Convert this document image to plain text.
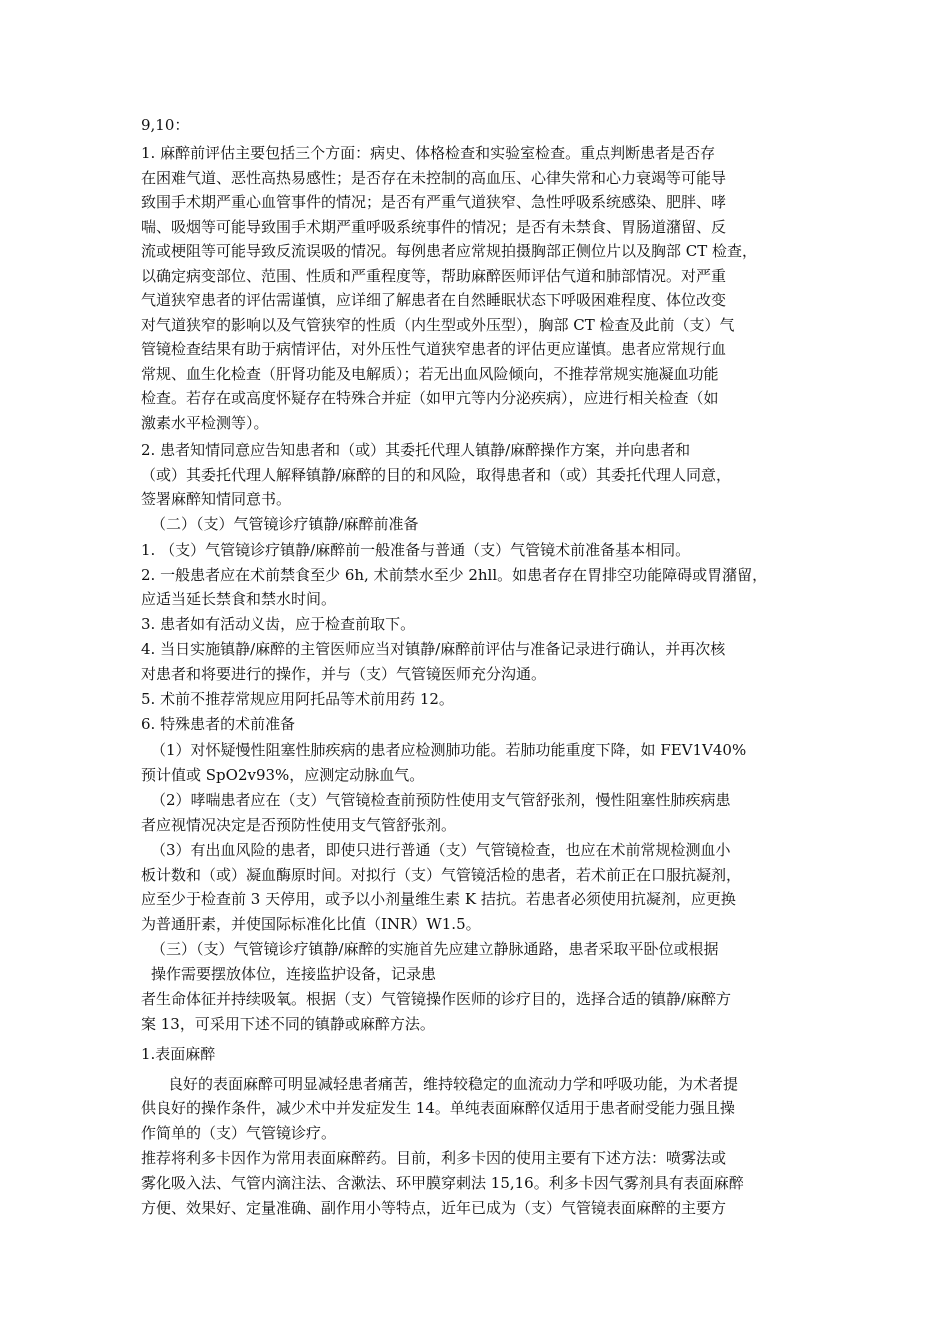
9,10：
1. 麻醉前评估主要包括三个方面：病史、体格检查和实验室检查。重点判断患者是否存
在困难气道、恶性高热易感性；是否存在未控制的高血压、心律失常和心力衰竭等可能导
致围手术期严重心血管事件的情况；是否有严重气道狭窄、急性呼吸系统感染、肥胖、哮
喘、吸烟等可能导致围手术期严重呼吸系统事件的情况；是否有未禁食、胃肠道潴留、反
流或梗阻等可能导致反流误吸的情况。每例患者应常规拍摄胸部正侧位片以及胸部 CT 检查，
以确定病变部位、范围、性质和严重程度等，帮助麻醉医师评估气道和肺部情况。对严重
气道狭窄患者的评估需谨慎，应详细了解患者在自然睡眠状态下呼吸困难程度、体位改变
对气道狭窄的影响以及气管狭窄的性质（内生型或外压型），胸部 CT 检查及此前（支）气
管镜检查结果有助于病情评估，对外压性气道狭窄患者的评估更应谨慎。患者应常规行血
常规、血生化检查（肝肾功能及电解质）；若无出血风险倾向，不推荐常规实施凝血功能
检查。若存在或高度怀疑存在特殊合并症（如甲亢等内分泌疾病），应进行相关检查（如
激素水平检测等）。
2. 患者知情同意应告知患者和（或）其委托代理人镇静/麻醉操作方案，并向患者和
（或）其委托代理人解释镇静/麻醉的目的和风险，取得患者和（或）其委托代理人同意，
签署麻醉知情同意书。
（二）（支）气管镜诊疗镇静/麻醉前准备
1. （支）气管镜诊疗镇静/麻醉前一般准备与普通（支）气管镜术前准备基本相同。
2. 一般患者应在术前禁食至少 6h, 术前禁水至少 2hll。如患者存在胃排空功能障碍或胃潴留，
应适当延长禁食和禁水时间。
3. 患者如有活动义齿，应于检查前取下。
4. 当日实施镇静/麻醉的主管医师应当对镇静/麻醉前评估与准备记录进行确认，并再次核
对患者和将要进行的操作，并与（支）气管镜医师充分沟通。
5. 术前不推荐常规应用阿托品等术前用药 12。
6. 特殊患者的术前准备
（1）对怀疑慢性阻塞性肺疾病的患者应检测肺功能。若肺功能重度下降，如 FEV1V40%
预计值或 SpO2v93%，应测定动脉血气。
（2）哮喘患者应在（支）气管镜检查前预防性使用支气管舒张剂，慢性阻塞性肺疾病患
者应视情况决定是否预防性使用支气管舒张剂。
（3）有出血风险的患者，即使只进行普通（支）气管镜检查，也应在术前常规检测血小
板计数和（或）凝血酶原时间。对拟行（支）气管镜活检的患者，若术前正在口服抗凝剂，
应至少于检查前 3 天停用，或予以小剂量维生素 K 拮抗。若患者必须使用抗凝剂，应更换
为普通肝素，并使国际标准化比值（INR）W1.5。
（三）（支）气管镜诊疗镇静/麻醉的实施首先应建立静脉通路，患者采取平卧位或根据
操作需要摆放体位，连接监护设备，记录患
者生命体征并持续吸氧。根据（支）气管镜操作医师的诊疗目的，选择合适的镇静/麻醉方
案 13，可采用下述不同的镇静或麻醉方法。
1.表面麻醉
良好的表面麻醉可明显减轻患者痛苦，维持较稳定的血流动力学和呼吸功能，为术者提
供良好的操作条件，减少术中并发症发生 14。单纯表面麻醉仅适用于患者耐受能力强且操
作简单的（支）气管镜诊疗。
推荐将利多卡因作为常用表面麻醉药。目前，利多卡因的使用主要有下述方法：喷雾法或
雾化吸入法、气管内滴注法、含漱法、环甲膜穿刺法 15,16。利多卡因气雾剂具有表面麻醉
方便、效果好、定量准确、副作用小等特点，近年已成为（支）气管镜表面麻醉的主要方
